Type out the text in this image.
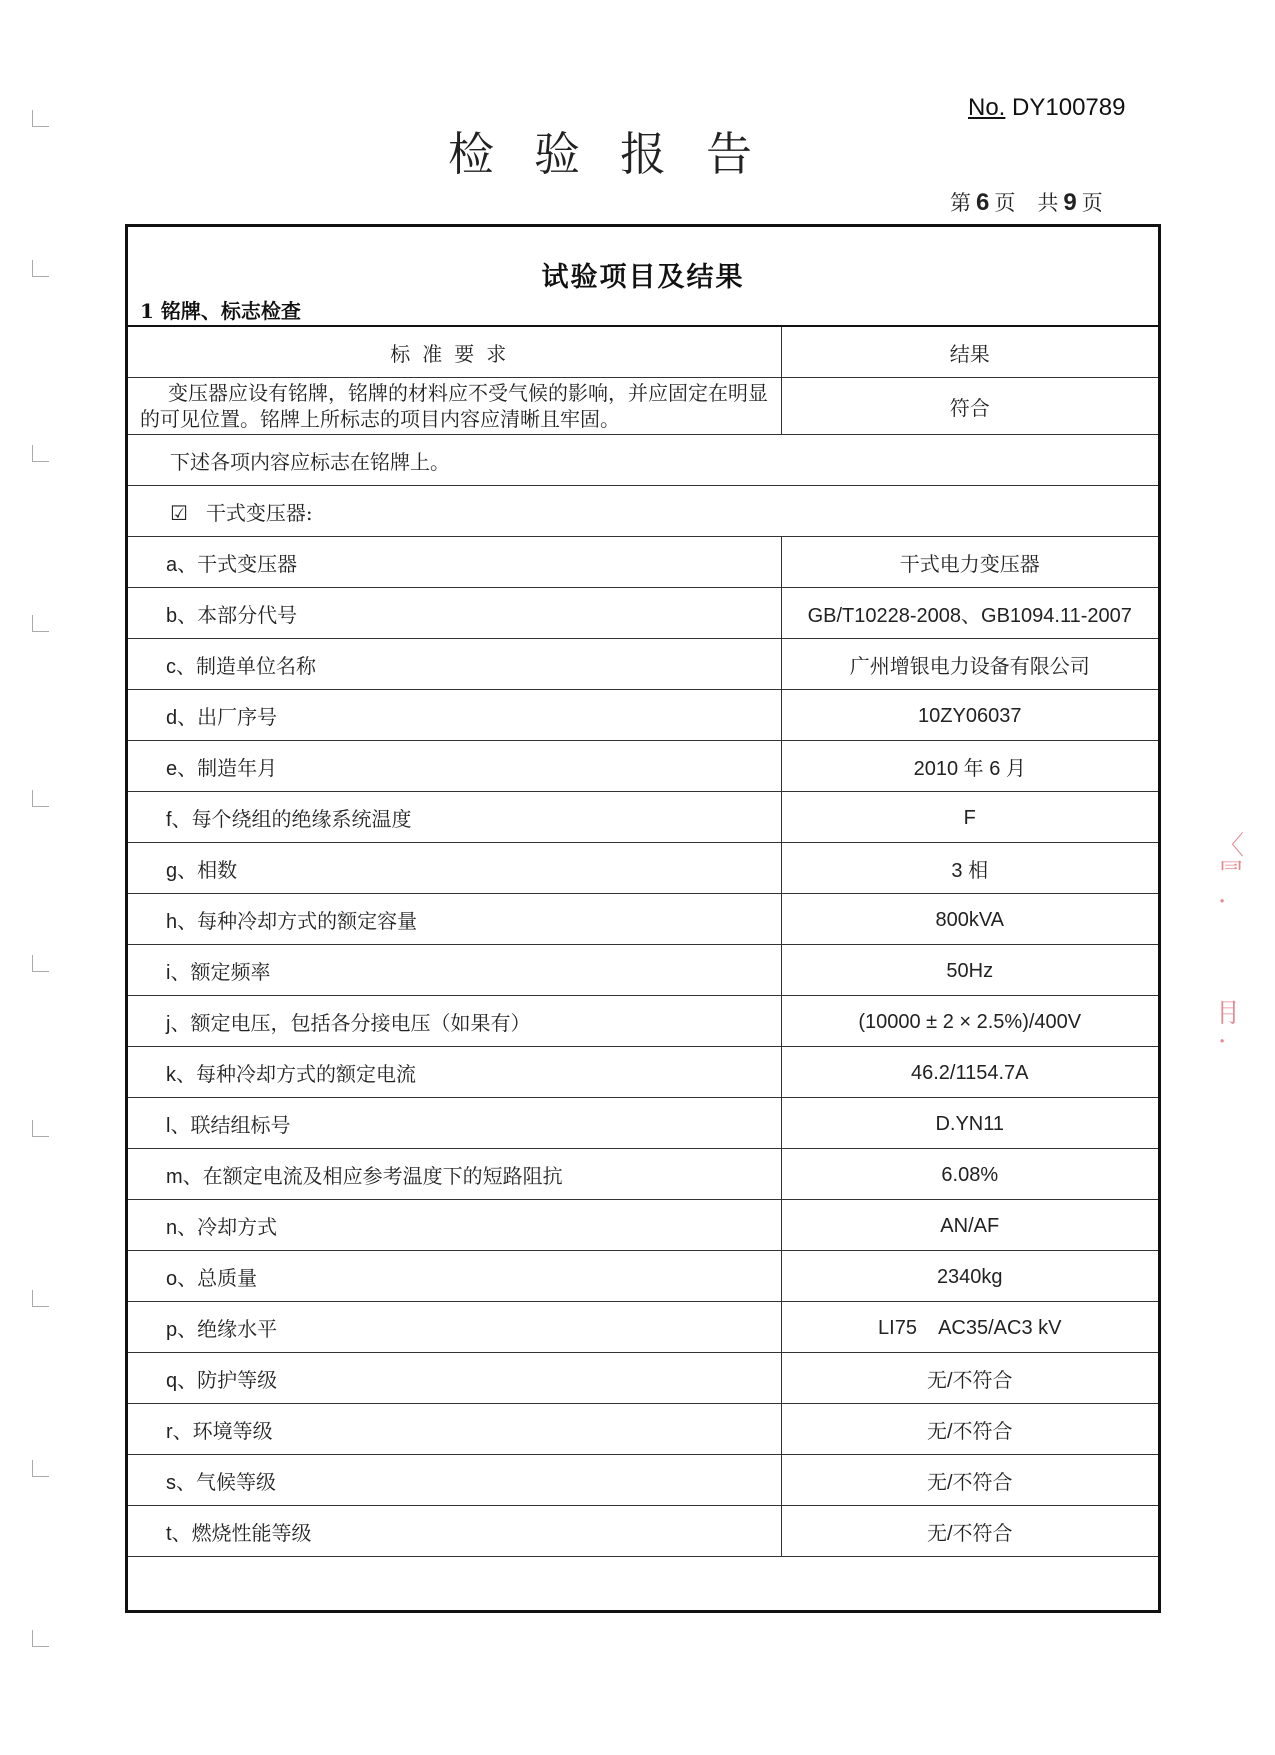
No. DY100789
检验报告
第 6 页 共 9 页
试验项目及结果
1 铭牌、标志检查
标准要求	结果
变压器应设有铭牌，铭牌的材料应不受气候的影响，并应固定在明显的可见位置。铭牌上所标志的项目内容应清晰且牢固。	符合
下述各项内容应标志在铭牌上。	
☑ 干式变压器:	
a、干式变压器	干式电力变压器
b、本部分代号	GB/T10228-2008、GB1094.11-2007
c、制造单位名称	广州增银电力设备有限公司
d、出厂序号	10ZY06037
e、制造年月	2010 年 6 月
f、每个绕组的绝缘系统温度	F
g、相数	3 相
h、每种冷却方式的额定容量	800kVA
i、额定频率	50Hz
j、额定电压，包括各分接电压（如果有）	(10000 ± 2 × 2.5%)/400V
k、每种冷却方式的额定电流	46.2/1154.7A
l、联结组标号	D.YN11
m、在额定电流及相应参考温度下的短路阻抗	6.08%
n、冷却方式	AN/AF
o、总质量	2340kg
p、绝缘水平	LI75    AC35/AC3 kV
q、防护等级	无/不符合
r、环境等级	无/不符合
s、气候等级	无/不符合
t、燃烧性能等级	无/不符合

〈
⺜
·
⺝
·
